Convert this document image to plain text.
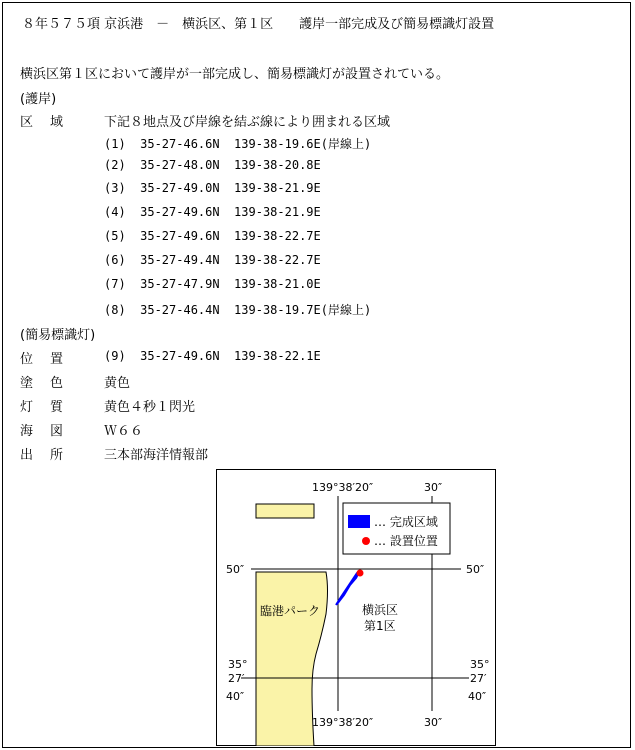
８年５７５項 京浜港　－　横浜区、第１区　　護岸一部完成及び簡易標識灯設置
横浜区第１区において護岸が一部完成し、簡易標識灯が設置されている。
(護岸)
区　域	下記８地点及び岸線を結ぶ線により囲まれる区域
(1)  35-27-46.6N  139-38-19.6E(岸線上)
(2)  35-27-48.0N  139-38-20.8E
(3)  35-27-49.0N  139-38-21.9E
(4)  35-27-49.6N  139-38-21.9E
(5)  35-27-49.6N  139-38-22.7E
(6)  35-27-49.4N  139-38-22.7E
(7)  35-27-47.9N  139-38-21.0E
(8)  35-27-46.4N  139-38-19.7E(岸線上)
(簡易標識灯)
位　置	(9)  35-27-49.6N  139-38-22.1E
塗　色	黄色
灯　質	黄色４秒１閃光
海　図	Ｗ６６
出　所	三本部海洋情報部
139°38′20″	30″
139°38′20″	30″
50″	50″
35°
27′
40″
35°
27′
40″
… 完成区域
… 設置位置
臨港パーク	横浜区
第1区
